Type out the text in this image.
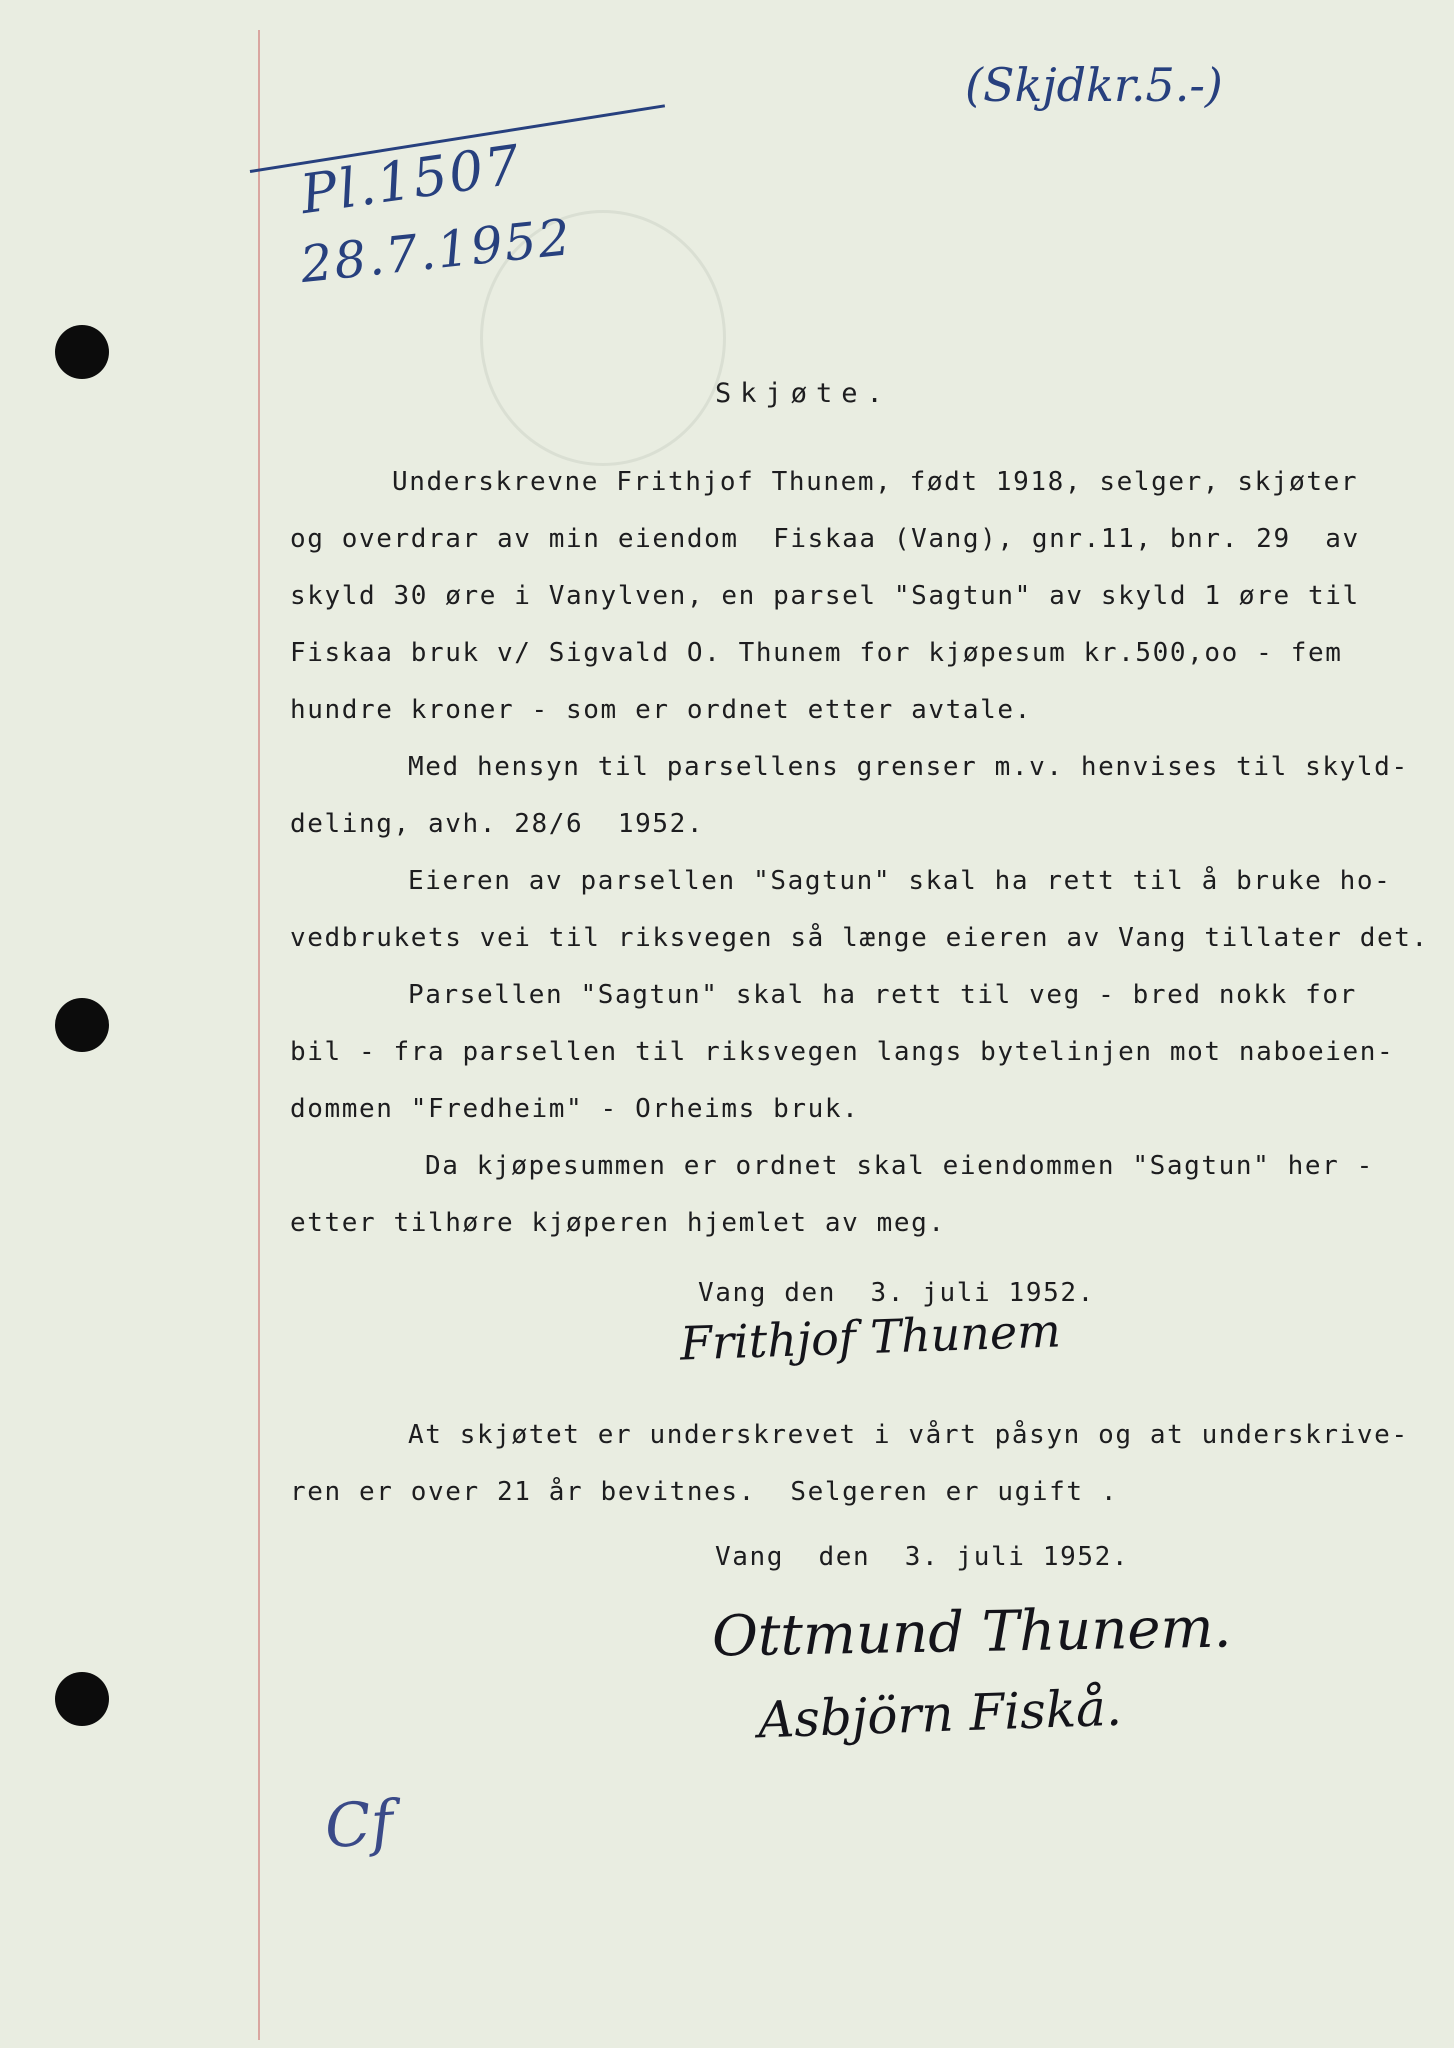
(Skjdkr.5.-)
Pl.1507
28.7.1952
Skjøte.
Underskrevne Frithjof Thunem, født 1918, selger, skjøter
og overdrar av min eiendom  Fiskaa (Vang), gnr.11, bnr. 29  av
skyld 30 øre i Vanylven, en parsel "Sagtun" av skyld 1 øre til
Fiskaa bruk v/ Sigvald O. Thunem for kjøpesum kr.500,oo - fem
hundre kroner - som er ordnet etter avtale.
Med hensyn til parsellens grenser m.v. henvises til skyld-
deling, avh. 28/6  1952.
Eieren av parsellen "Sagtun" skal ha rett til å bruke ho-
vedbrukets vei til riksvegen så længe eieren av Vang tillater det.
Parsellen "Sagtun" skal ha rett til veg - bred nokk for
bil - fra parsellen til riksvegen langs bytelinjen mot naboeien-
dommen "Fredheim" - Orheims bruk.
Da kjøpesummen er ordnet skal eiendommen "Sagtun" her -
etter tilhøre kjøperen hjemlet av meg.
Vang den  3. juli 1952.
Frithjof Thunem
At skjøtet er underskrevet i vårt påsyn og at underskrive-
ren er over 21 år bevitnes.  Selgeren er ugift .
Vang  den  3. juli 1952.
Ottmund Thunem.
Asbjörn Fiskå.
Cf
